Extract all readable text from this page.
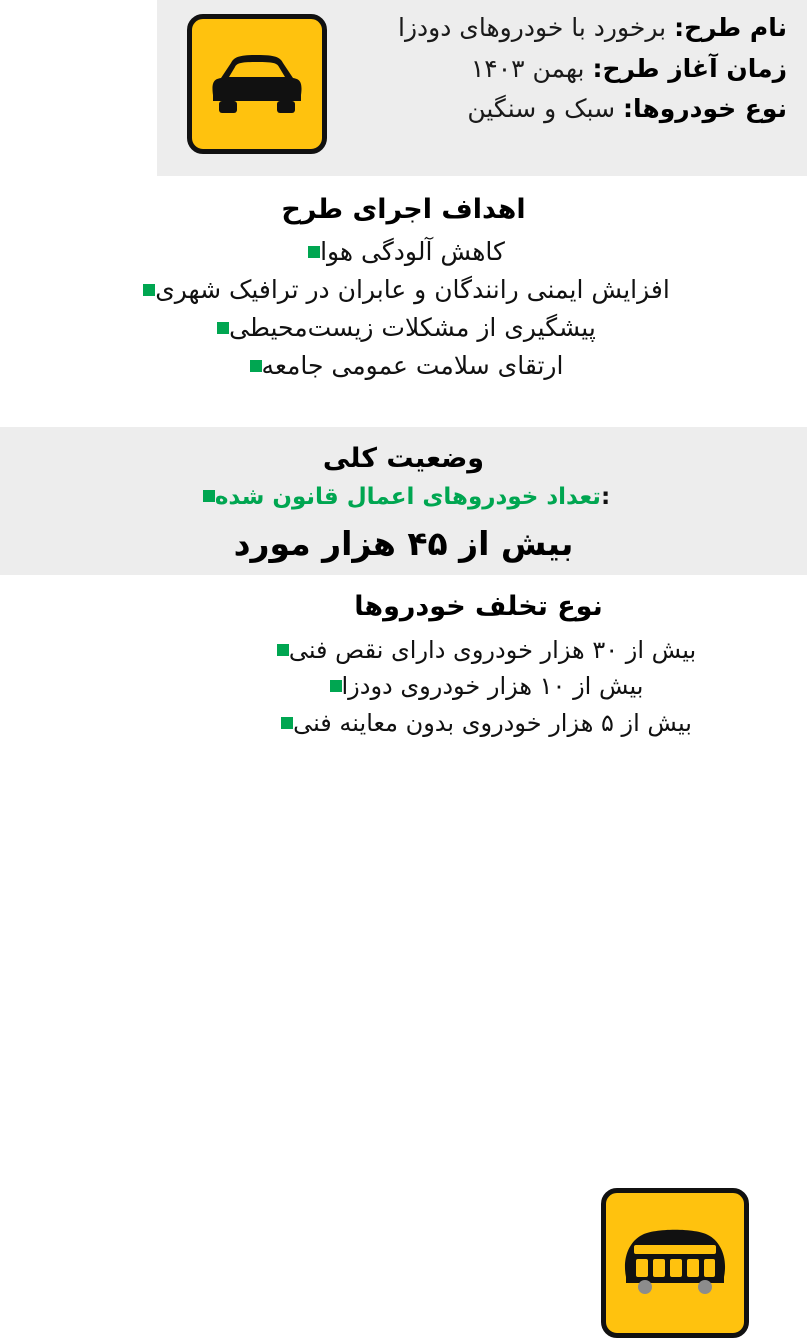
نام طرح: برخورد با خودروهای دودزا
زمان آغاز طرح: بهمن ۱۴۰۳
نوع خودروها: سبک و سنگین
اهداف اجرای طرح
کاهش آلودگی هوا
افزایش ایمنی رانندگان و عابران در ترافیک شهری
پیشگیری از مشکلات زیست‌محیطی
ارتقای سلامت عمومی جامعه
وضعیت کلی
:تعداد خودروهای اعمال قانون شده
بیش از ۴۵ هزار مورد
نوع تخلف خودروها
بیش از ۳۰ هزار خودروی دارای نقص فنی
بیش از ۱۰ هزار خودروی دودزا
بیش از ۵ هزار خودروی بدون معاینه فنی
